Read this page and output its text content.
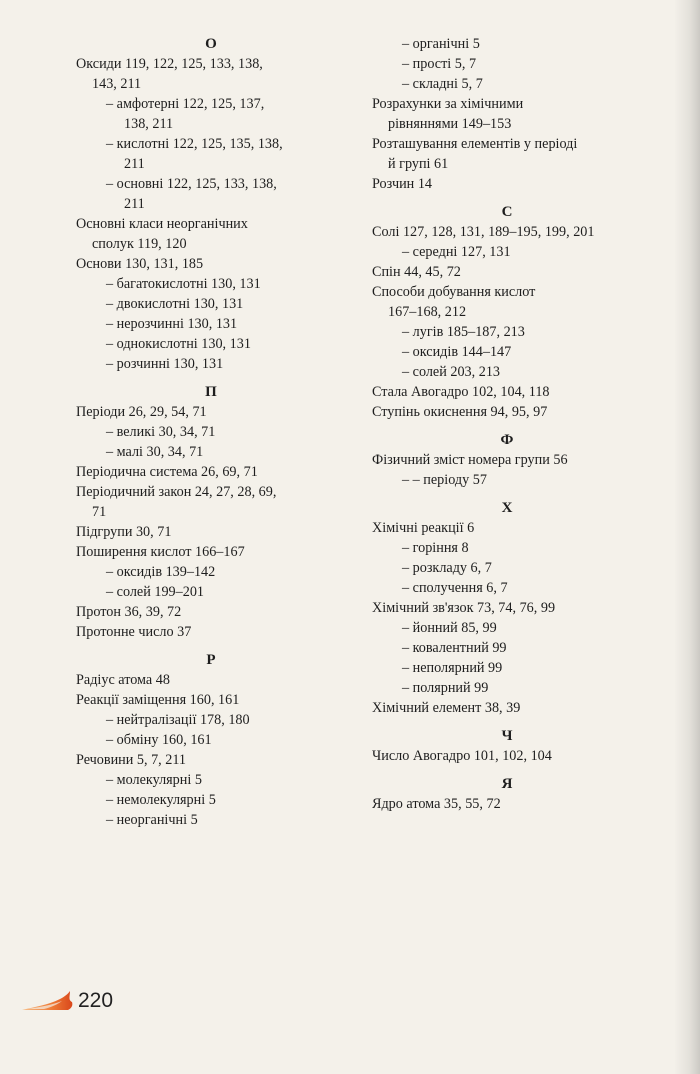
О
Оксиди 119, 122, 125, 133, 138,
143, 211
– амфотерні 122, 125, 137,
138, 211
– кислотні 122, 125, 135, 138,
211
– основні 122, 125, 133, 138,
211
Основні класи неорганічних
сполук 119, 120
Основи 130, 131, 185
– багатокислотні 130, 131
– двокислотні 130, 131
– нерозчинні 130, 131
– однокислотні 130, 131
– розчинні 130, 131
П
Періоди 26, 29, 54, 71
– великі 30, 34, 71
– малі 30, 34, 71
Періодична система 26, 69, 71
Періодичний закон 24, 27, 28, 69,
71
Підгрупи 30, 71
Поширення кислот 166–167
– оксидів 139–142
– солей 199–201
Протон 36, 39, 72
Протонне число 37
Р
Радіус атома 48
Реакції заміщення 160, 161
– нейтралізації 178, 180
– обміну 160, 161
Речовини 5, 7, 211
– молекулярні 5
– немолекулярні 5
– неорганічні 5
– органічні 5
– прості 5, 7
– складні 5, 7
Розрахунки за хімічними
рівняннями 149–153
Розташування елементів у періоді
й групі 61
Розчин 14
С
Солі 127, 128, 131, 189–195, 199, 201
– середні 127, 131
Спін 44, 45, 72
Способи добування кислот
167–168, 212
– лугів 185–187, 213
– оксидів 144–147
– солей 203, 213
Стала Авогадро 102, 104, 118
Ступінь окиснення 94, 95, 97
Ф
Фізичний зміст номера групи 56
– – періоду 57
Х
Хімічні реакції 6
– горіння 8
– розкладу 6, 7
– сполучення 6, 7
Хімічний зв'язок 73, 74, 76, 99
– йонний 85, 99
– ковалентний 99
– неполярний 99
– полярний 99
Хімічний елемент 38, 39
Ч
Число Авогадро 101, 102, 104
Я
Ядро атома 35, 55, 72
220
